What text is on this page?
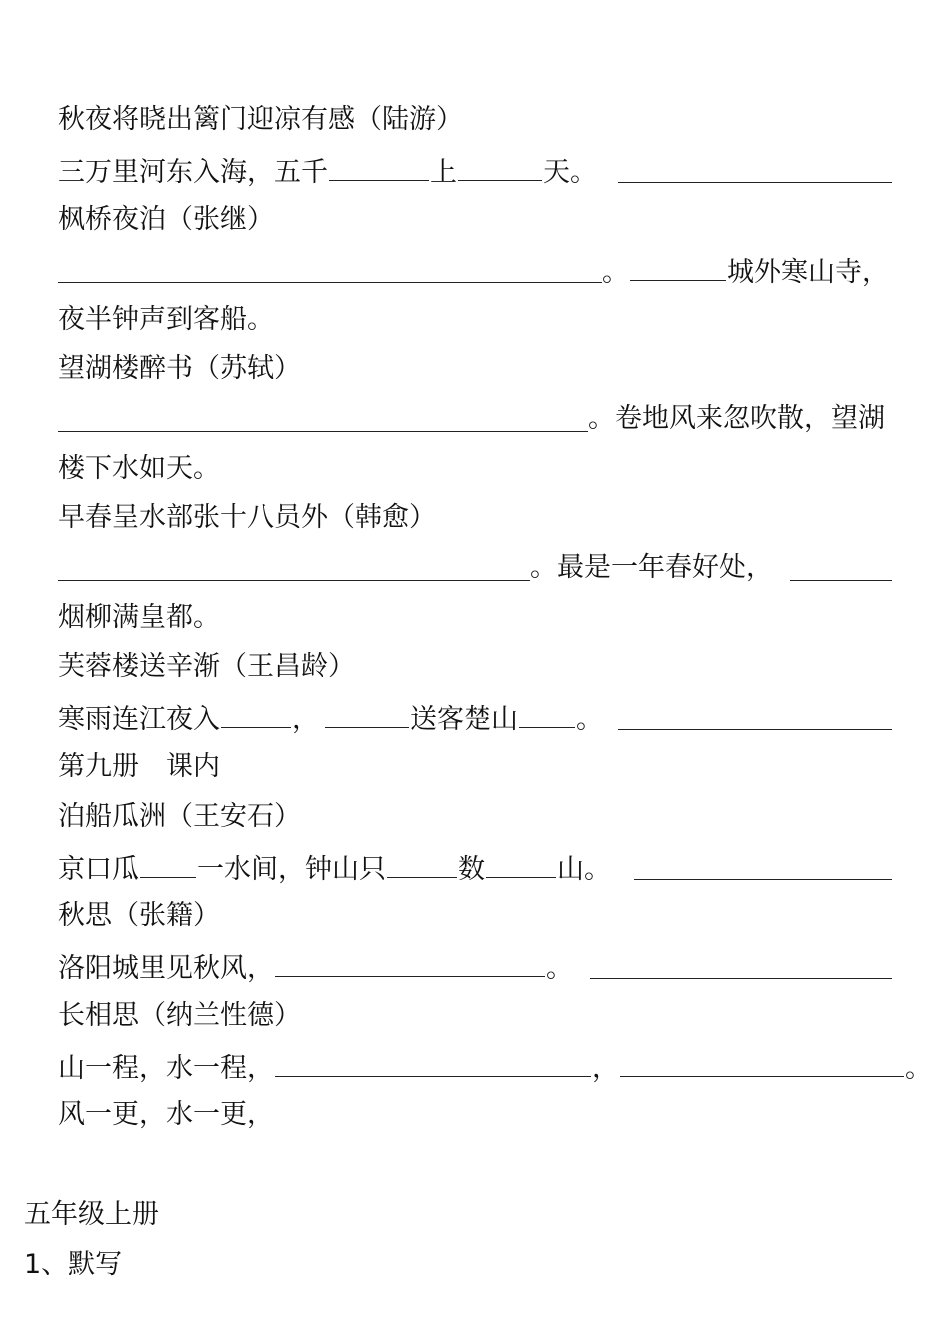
秋夜将晓出篱门迎凉有感（陆游）
三万里河东入海，五千	上	天。
枫桥夜泊（张继）
。	城外寒山寺，
夜半钟声到客船。
望湖楼醉书（苏轼）
。卷地风来忽吹散，望湖
楼下水如天。
早春呈水部张十八员外（韩愈）
。最是一年春好处，
烟柳满皇都。
芙蓉楼送辛渐（王昌龄）
寒雨连江夜入	，	送客楚山 。
第九册　课内
泊船瓜洲（王安石）
京口瓜 一水间，钟山只	数	山。
秋思（张籍）
洛阳城里见秋风，	。
长相思（纳兰性德）
山一程，水一程，	，	。
风一更，水一更，
五年级上册
1、默写
